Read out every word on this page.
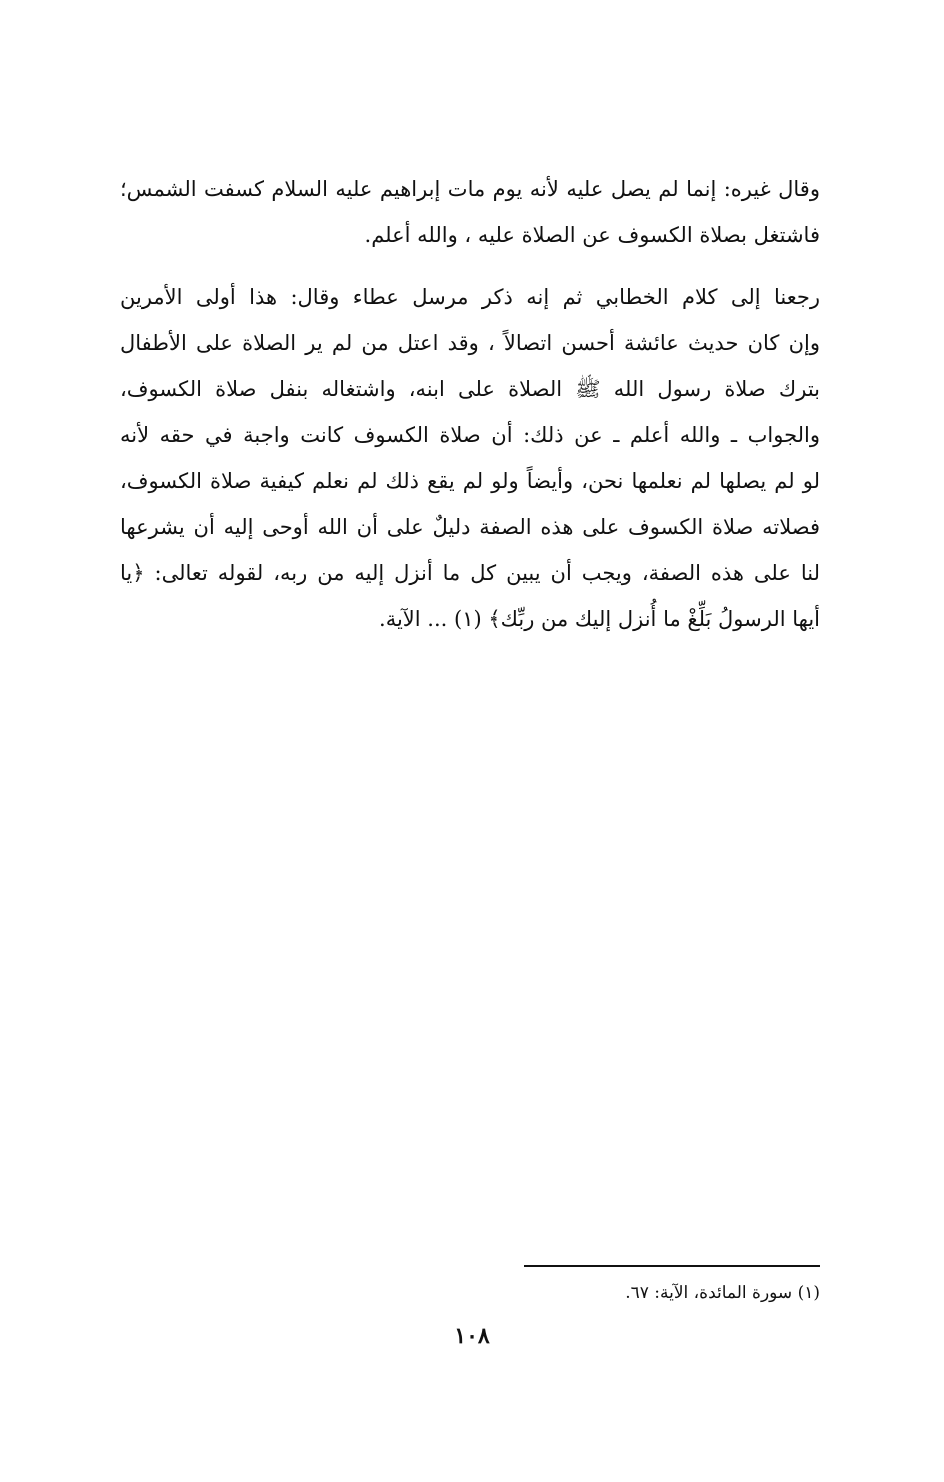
وقال غيره: إنما لم يصل عليه لأنه يوم مات إبراهيم عليه السلام كسفت الشمس؛
فاشتغل بصلاة الكسوف عن الصلاة عليه ، والله أعلم.
رجعنا إلى كلام الخطابي ثم إنه ذكر مرسل عطاء وقال: هذا أولى الأمرين
وإن كان حديث عائشة أحسن اتصالاً ، وقد اعتل من لم ير الصلاة على الأطفال
بترك صلاة رسول الله ﷺ الصلاة على ابنه، واشتغاله بنفل صلاة الكسوف،
والجواب ـ والله أعلم ـ عن ذلك: أن صلاة الكسوف كانت واجبة في حقه لأنه
لو لم يصلها لم نعلمها نحن، وأيضاً ولو لم يقع ذلك لم نعلم كيفية صلاة الكسوف،
فصلاته صلاة الكسوف على هذه الصفة دليلٌ على أن الله أوحى إليه أن يشرعها
لنا على هذه الصفة، ويجب أن يبين كل ما أنزل إليه من ربه، لقوله تعالى: ﴿يا
أيها الرسولُ بَلِّغْ ما أُنزل إليك من ربِّك﴾ (١) ... الآية.
(١) سورة المائدة، الآية: ٦٧.
١٠٨
